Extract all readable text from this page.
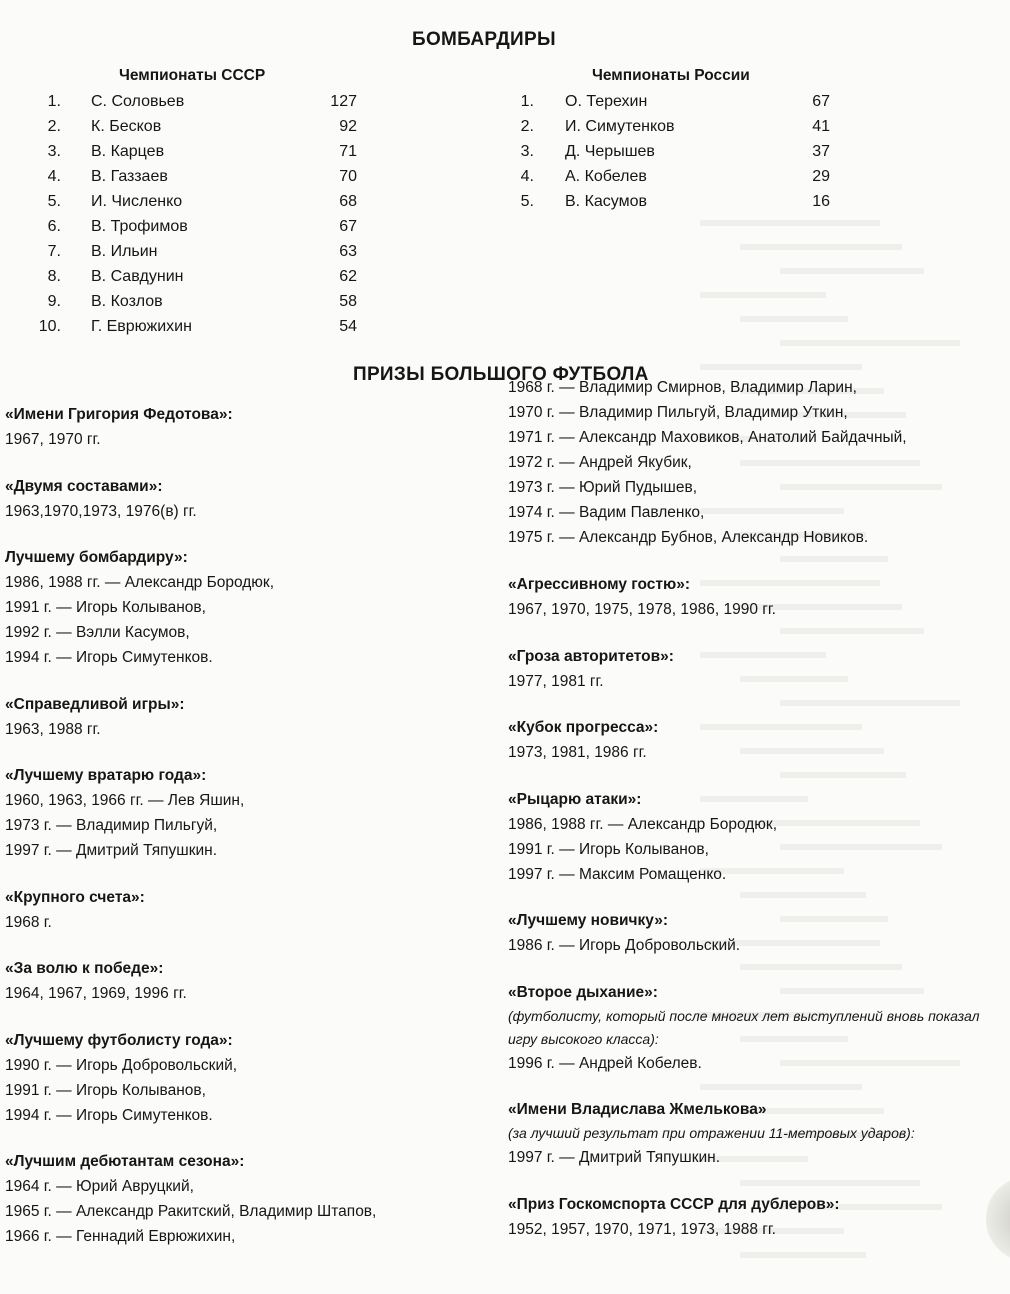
БОМБАРДИРЫ
Чемпионаты СССР	Чемпионаты России
1. С. Соловьев	127
2. К. Бесков	92
3. В. Карцев	71
4. В. Газзаев	70
5. И. Численко	68
6. В. Трофимов	67
7. В. Ильин	63
8. В. Савдунин	62
9. В. Козлов	58
10. Г. Еврюжихин	54
1. О. Терехин	67
2. И. Симутенков	41
3. Д. Черышев	37
4. А. Кобелев	29
5. В. Касумов	16
ПРИЗЫ БОЛЬШОГО ФУТБОЛА
«Имени Григория Федотова»:
1967, 1970 гг.
«Двумя составами»:
1963,1970,1973, 1976(в) гг.
Лучшему бомбардиру»:
1986, 1988 гг. — Александр Бородюк,
1991 г. — Игорь Колыванов,
1992 г. — Вэлли Касумов,
1994 г. — Игорь Симутенков.
«Справедливой игры»:
1963, 1988 гг.
«Лучшему вратарю года»:
1960, 1963, 1966 гг. — Лев Яшин,
1973 г. — Владимир Пильгуй,
1997 г. — Дмитрий Тяпушкин.
«Крупного счета»:
1968 г.
«За волю к победе»:
1964, 1967, 1969, 1996 гг.
«Лучшему футболисту года»:
1990 г. — Игорь Добровольский,
1991 г. — Игорь Колыванов,
1994 г. — Игорь Симутенков.
«Лучшим дебютантам сезона»:
1964 г. — Юрий Авруцкий,
1965 г. — Александр Ракитский, Владимир Штапов,
1966 г. — Геннадий Еврюжихин,
1968 г. — Владимир Смирнов, Владимир Ларин,
1970 г. — Владимир Пильгуй, Владимир Уткин,
1971 г. — Александр Маховиков, Анатолий Байдачный,
1972 г. — Андрей Якубик,
1973 г. — Юрий Пудышев,
1974 г. — Вадим Павленко,
1975 г. — Александр Бубнов, Александр Новиков.
«Агрессивному гостю»:
1967, 1970, 1975, 1978, 1986, 1990 гг.
«Гроза авторитетов»:
1977, 1981 гг.
«Кубок прогресса»:
1973, 1981, 1986 гг.
«Рыцарю атаки»:
1986, 1988 гг. — Александр Бородюк,
1991 г. — Игорь Колыванов,
1997 г. — Максим Ромащенко.
«Лучшему новичку»:
1986 г. — Игорь Добровольский.
«Второе дыхание»:
(футболисту, который после многих лет выступлений вновь показал игру высокого класса):
1996 г. — Андрей Кобелев.
«Имени Владислава Жмелькова»
(за лучший результат при отражении 11-метровых ударов):
1997 г. — Дмитрий Тяпушкин.
«Приз Госкомспорта СССР для дублеров»:
1952, 1957, 1970, 1971, 1973, 1988 гг.
